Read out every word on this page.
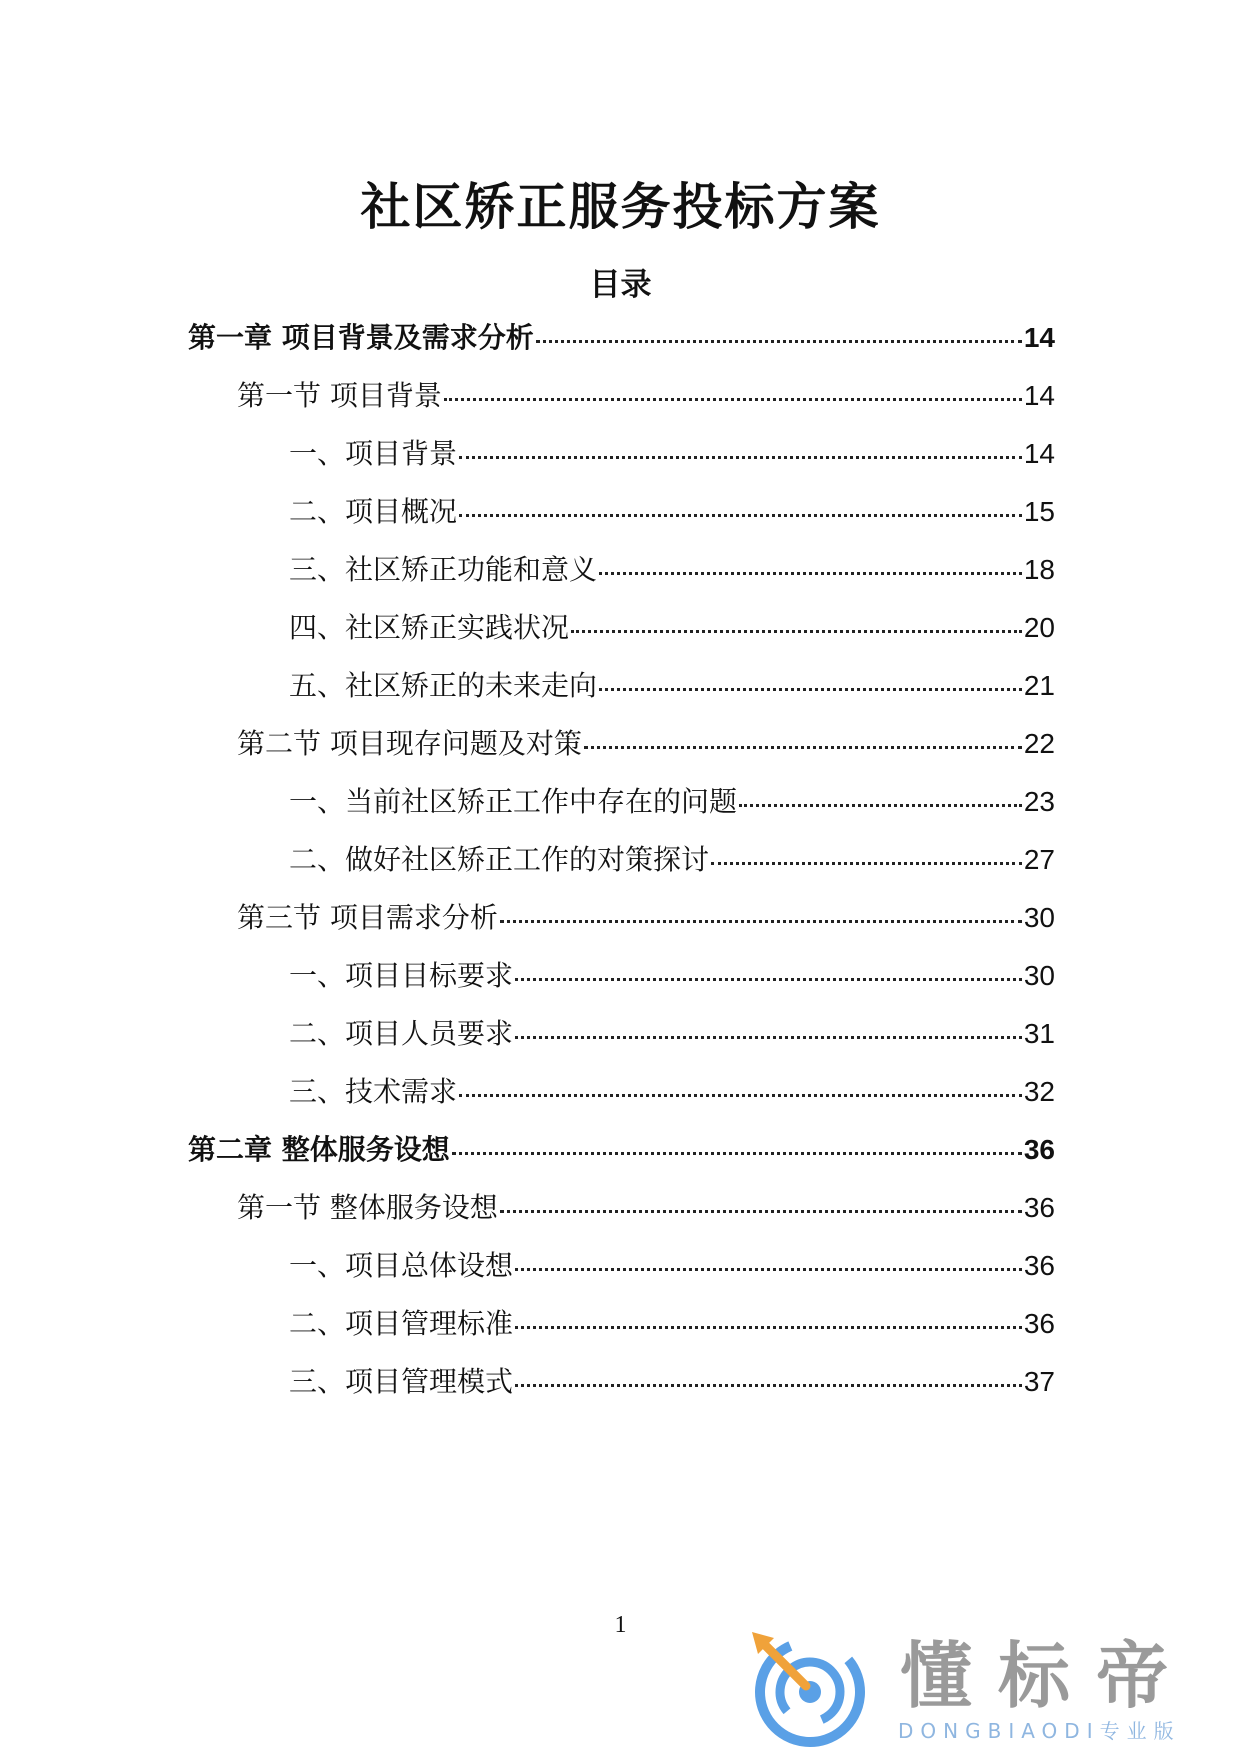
社区矫正服务投标方案
目录
第一章 项目背景及需求分析	14
第一节 项目背景	14
一、项目背景	14
二、项目概况	15
三、社区矫正功能和意义	18
四、社区矫正实践状况	20
五、社区矫正的未来走向	21
第二节 项目现存问题及对策	22
一、当前社区矫正工作中存在的问题	23
二、做好社区矫正工作的对策探讨	27
第三节 项目需求分析	30
一、项目目标要求	30
二、项目人员要求	31
三、技术需求	32
第二章 整体服务设想	36
第一节 整体服务设想	36
一、项目总体设想	36
二、项目管理标准	36
三、项目管理模式	37
1
懂标帝
DONGBIAODI专业版
